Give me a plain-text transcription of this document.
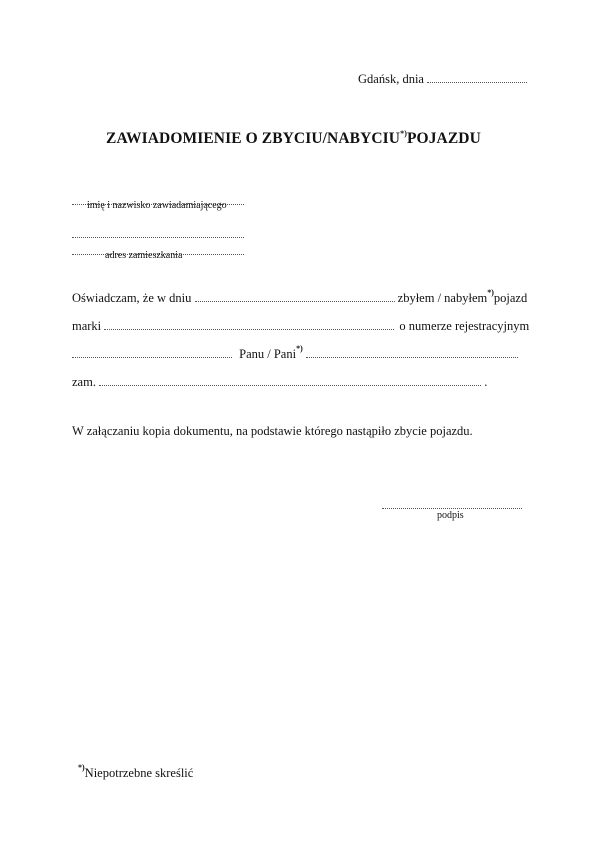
Gdańsk, dnia
ZAWIADOMIENIE O ZBYCIU/NABYCIU*)POJAZDU
imię i nazwisko zawiadamiającego
adres zamieszkania
Oświadczam, że w dniu	zbyłem / nabyłem*)pojazd
marki	o numerze rejestracyjnym
Panu / Pani*)
zam.	.
W załączaniu kopia dokumentu, na podstawie którego nastąpiło zbycie pojazdu.
podpis
*)Niepotrzebne skreślić
